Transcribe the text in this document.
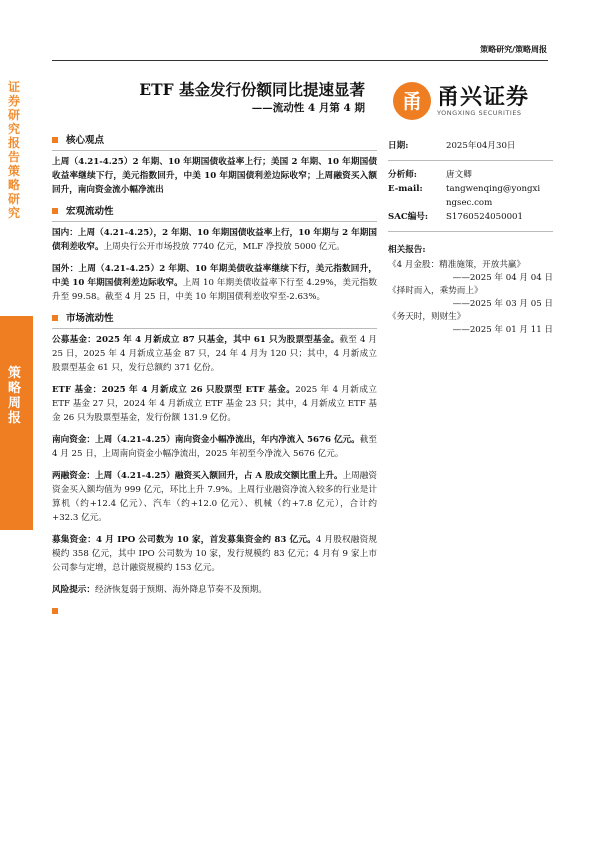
证券研究报告 策略研究
策略周报
策略研究/策略周报
ETF 基金发行份额同比提速显著
——流动性 4 月第 4 期	甬 甬兴证券
YONGXING SECURITIES
核心观点

上周（4.21-4.25）2 年期、10 年期国债收益率上行；美国 2 年期、10 年期国债收益率继续下行，美元指数回升，中美 10 年期国债利差边际收窄；上周融资买入额回升，南向资金流小幅净流出

宏观流动性

国内：上周（4.21-4.25），2 年期、10 年期国债收益率上行，10 年期与 2 年期国债利差收窄。上周央行公开市场投放 7740 亿元，MLF 净投放 5000 亿元。

国外：上周（4.21-4.25）2 年期、10 年期美债收益率继续下行，美元指数回升，中美 10 年期国债利差边际收窄。上周 10 年期美债收益率下行至 4.29%，美元指数升至 99.58。截至 4 月 25 日，中美 10 年期国债利差收窄至-2.63%。

市场流动性

公募基金：2025 年 4 月新成立 87 只基金，其中 61 只为股票型基金。截至 4 月 25 日，2025 年 4 月新成立基金 87 只，24 年 4 月为 120 只；其中，4 月新成立股票型基金 61 只，发行总额约 371 亿份。

ETF 基金：2025 年 4 月新成立 26 只股票型 ETF 基金。2025 年 4 月新成立 ETF 基金 27 只，2024 年 4 月新成立 ETF 基金 23 只；其中，4 月新成立 ETF 基金 26 只为股票型基金，发行份额 131.9 亿份。

南向资金：上周（4.21-4.25）南向资金小幅净流出，年内净流入 5676 亿元。截至 4 月 25 日，上周南向资金小幅净流出，2025 年初至今净流入 5676 亿元。

两融资金：上周（4.21-4.25）融资买入额回升，占 A 股成交额比重上升。上周融资资金买入额均值为 999 亿元，环比上升 7.9%。上周行业融资净流入较多的行业是计算机（约+12.4 亿元）、汽车（约+12.0 亿元）、机械（约+7.8 亿元），合计约+32.3 亿元。

募集资金：4 月 IPO 公司数为 10 家，首发募集资金约 83 亿元。4 月股权融资规模约 358 亿元，其中 IPO 公司数为 10 家，发行规模约 83 亿元；4 月有 9 家上市公司参与定增，总计融资规模约 153 亿元。

风险提示：经济恢复弱于预期、海外降息节奏不及预期。

日期:	2025年04月30日
分析师:	唐文卿
E-mail:	tangwenqing@yongxi
ngsec.com
SAC编号: S1760524050001
相关报告:

《4 月金股：精准施策，开放共赢》

——2025 年 04 月 04 日

《择时而入，乘势而上》

——2025 年 03 月 05 日

《务天时，则财生》

——2025 年 01 月 11 日
